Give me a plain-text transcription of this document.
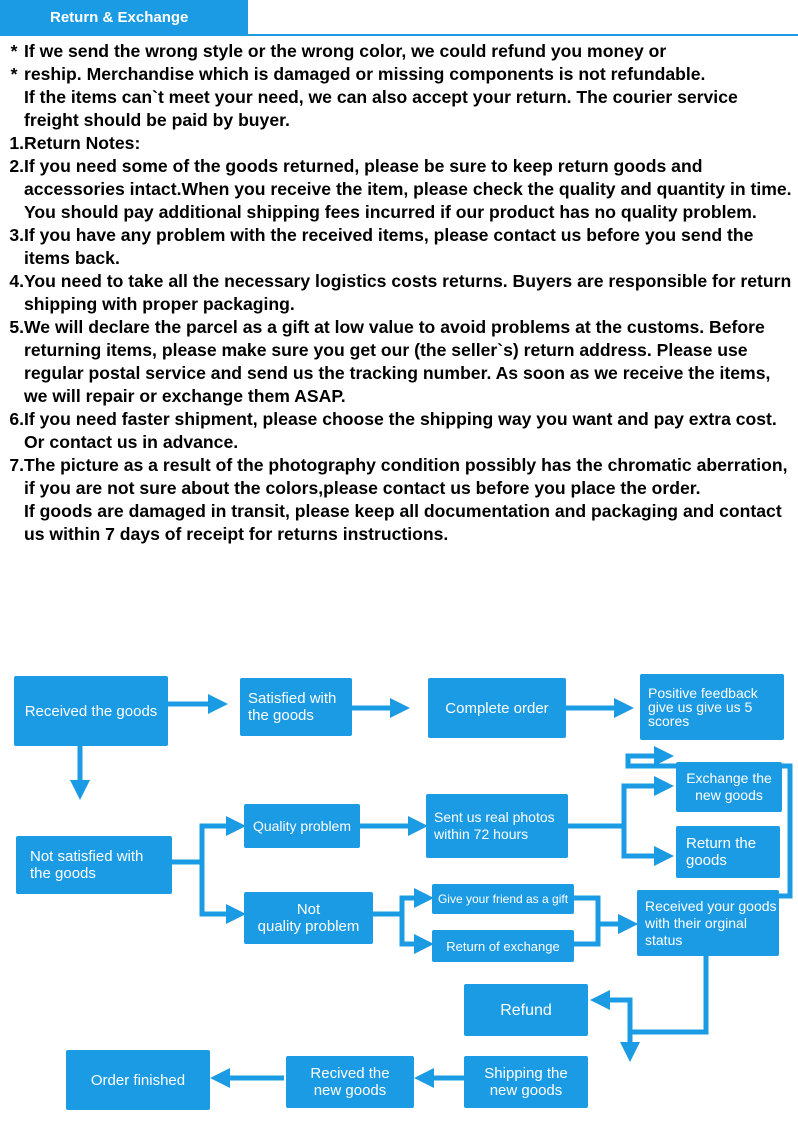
Return & Exchange
* If we send the wrong style or the wrong color, we could refund you money or
* reship. Merchandise which is damaged or missing components is not refundable.
If the items can`t meet your need, we can also accept your return. The courier service freight should be paid by buyer.
1. Return Notes:
2. If you need some of the goods returned, please be sure to keep return goods and accessories intact.When you receive the item, please check the quality and quantity in time. You should pay additional shipping fees incurred if our product has no quality problem.
3. If you have any problem with the received items, please contact us before you send the items back.
4. You need to take all the necessary logistics costs returns. Buyers are responsible for return shipping with proper packaging.
5. We will declare the parcel as a gift at low value to avoid problems at the customs. Before returning items, please make sure you get our (the seller`s) return address. Please use regular postal service and send us the tracking number. As soon as we receive the items, we will repair or exchange them ASAP.
6. If you need faster shipment, please choose the shipping way you want and pay extra cost. Or contact us in advance.
7. The picture as a result of the photography condition possibly has the chromatic aberration, if you are not sure about the colors,please contact us before you place the order.
If goods are damaged in transit, please keep all documentation and packaging and contact us within 7 days of receipt for returns instructions.
Received the goods
Satisfied with
the goods	Complete order
Positive feedback
give us give us 5
scores
Not satisfied with
the goods
Quality problem
Sent us real photos
within 72 hours
Exchange the
new goods
Return the
goods
Not
quality problem
Give your friend as a gift
Return of exchange
Received your goods
with their orginal
status
Refund
Shipping the
new goods
Recived the
new goods
Order finished
